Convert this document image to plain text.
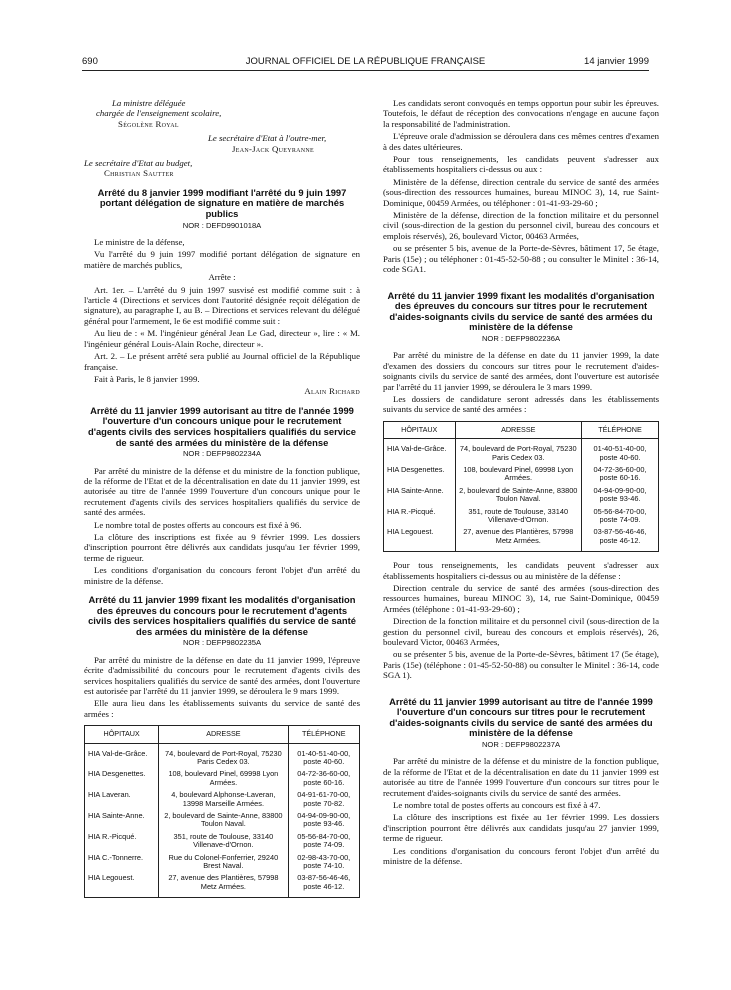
690	JOURNAL OFFICIEL DE LA RÉPUBLIQUE FRANÇAISE	14 janvier 1999

La ministre déléguée

chargée de l'enseignement scolaire,

Ségolène Royal

Le secrétaire d'Etat à l'outre-mer,

Jean-Jack Queyranne

Le secrétaire d'Etat au budget,

Christian Sautter

Arrêté du 8 janvier 1999 modifiant l'arrêté du 9 juin 1997 portant délégation de signature en matière de marchés publics
NOR : DEFD9901018A

Le ministre de la défense,

Vu l'arrêté du 9 juin 1997 modifié portant délégation de signature en matière de marchés publics,

Arrête :

Art. 1er. – L'arrêté du 9 juin 1997 susvisé est modifié comme suit : à l'article 4 (Directions et services dont l'autorité désignée reçoit délégation de signature), au paragraphe I, au B. – Directions et services relevant du délégué général pour l'armement, le 6e est modifié comme suit :

Au lieu de : « M. l'ingénieur général Jean Le Gad, directeur », lire : « M. l'ingénieur général Louis-Alain Roche, directeur ».

Art. 2. – Le présent arrêté sera publié au Journal officiel de la République française.

Fait à Paris, le 8 janvier 1999.

Alain Richard

Arrêté du 11 janvier 1999 autorisant au titre de l'année 1999 l'ouverture d'un concours unique pour le recrutement d'agents civils des services hospitaliers qualifiés du service de santé des armées du ministère de la défense
NOR : DEFP9802234A

Par arrêté du ministre de la défense et du ministre de la fonction publique, de la réforme de l'Etat et de la décentralisation en date du 11 janvier 1999, est autorisée au titre de l'année 1999 l'ouverture d'un concours unique pour le recrutement d'agents civils des services hospitaliers qualifiés du service de santé des armées.

Le nombre total de postes offerts au concours est fixé à 96.

La clôture des inscriptions est fixée au 9 février 1999. Les dossiers d'inscription pourront être délivrés aux candidats jusqu'au 1er février 1999, terme de rigueur.

Les conditions d'organisation du concours feront l'objet d'un arrêté du ministre de la défense.

Arrêté du 11 janvier 1999 fixant les modalités d'organisation des épreuves du concours pour le recrutement d'agents civils des services hospitaliers qualifiés du service de santé des armées du ministère de la défense
NOR : DEFP9802235A

Par arrêté du ministre de la défense en date du 11 janvier 1999, l'épreuve écrite d'admissibilité du concours pour le recrutement d'agents civils des services hospitaliers qualifiés du service de santé des armées, dont l'ouverture est autorisée par l'arrêté du 11 janvier 1999, se déroulera le 9 mars 1999.

Elle aura lieu dans les établissements suivants du service de santé des armées :

HÔPITAUX	ADRESSE	TÉLÉPHONE
HIA Val-de-Grâce.	74, boulevard de Port-Royal, 75230 Paris Cedex 03.	01-40-51-40-00, poste 40-60.
HIA Desgenettes.	108, boulevard Pinel, 69998 Lyon Armées.	04-72-36-60-00, poste 60-16.
HIA Laveran.	4, boulevard Alphonse-Laveran, 13998 Marseille Armées.	04-91-61-70-00, poste 70-82.
HIA Sainte-Anne.	2, boulevard de Sainte-Anne, 83800 Toulon Naval.	04-94-09-90-00, poste 93-46.
HIA R.-Picqué.	351, route de Toulouse, 33140 Villenave-d'Ornon.	05-56-84-70-00, poste 74-09.
HIA C.-Tonnerre.	Rue du Colonel-Fonferrier, 29240 Brest Naval.	02-98-43-70-00, poste 74-10.
HIA Legouest.	27, avenue des Plantières, 57998 Metz Armées.	03-87-56-46-46, poste 46-12.

Les candidats seront convoqués en temps opportun pour subir les épreuves. Toutefois, le défaut de réception des convocations n'engage en aucune façon la responsabilité de l'administration.

L'épreuve orale d'admission se déroulera dans ces mêmes centres d'examen à des dates ultérieures.

Pour tous renseignements, les candidats peuvent s'adresser aux établissements hospitaliers ci-dessus ou aux :

Ministère de la défense, direction centrale du service de santé des armées (sous-direction des ressources humaines, bureau MINOC 3), 14, rue Saint-Dominique, 00459 Armées, ou téléphoner : 01-41-93-29-60 ;

Ministère de la défense, direction de la fonction militaire et du personnel civil (sous-direction de la gestion du personnel civil, bureau des concours et emplois réservés), 26, boulevard Victor, 00463 Armées,

ou se présenter 5 bis, avenue de la Porte-de-Sèvres, bâtiment 17, 5e étage, Paris (15e) ; ou téléphoner : 01-45-52-50-88 ; ou consulter le Minitel : 36-14, code SGA1.

Arrêté du 11 janvier 1999 fixant les modalités d'organisation des épreuves du concours sur titres pour le recrutement d'aides-soignants civils du service de santé des armées du ministère de la défense
NOR : DEFP9802236A

Par arrêté du ministre de la défense en date du 11 janvier 1999, la date d'examen des dossiers du concours sur titres pour le recrutement d'aides-soignants civils du service de santé des armées, dont l'ouverture est autorisée par l'arrêté du 11 janvier 1999, se déroulera le 3 mars 1999.

Les dossiers de candidature seront adressés dans les établissements suivants du service de santé des armées :

HÔPITAUX	ADRESSE	TÉLÉPHONE
HIA Val-de-Grâce.	74, boulevard de Port-Royal, 75230 Paris Cedex 03.	01-40-51-40-00, poste 40-60.
HIA Desgenettes.	108, boulevard Pinel, 69998 Lyon Armées.	04-72-36-60-00, poste 60-16.
HIA Sainte-Anne.	2, boulevard de Sainte-Anne, 83800 Toulon Naval.	04-94-09-90-00, poste 93-46.
HIA R.-Picqué.	351, route de Toulouse, 33140 Villenave-d'Ornon.	05-56-84-70-00, poste 74-09.
HIA Legouest.	27, avenue des Plantières, 57998 Metz Armées.	03-87-56-46-46, poste 46-12.

Pour tous renseignements, les candidats peuvent s'adresser aux établissements hospitaliers ci-dessus ou au ministère de la défense :

Direction centrale du service de santé des armées (sous-direction des ressources humaines, bureau MINOC 3), 14, rue Saint-Dominique, 00459 Armées (téléphone : 01-41-93-29-60) ;

Direction de la fonction militaire et du personnel civil (sous-direction de la gestion du personnel civil, bureau des concours et emplois réservés), 26, boulevard Victor, 00463 Armées,

ou se présenter 5 bis, avenue de la Porte-de-Sèvres, bâtiment 17 (5e étage), Paris (15e) (téléphone : 01-45-52-50-88) ou consulter le Minitel : 36-14, code SGA 1).

Arrêté du 11 janvier 1999 autorisant au titre de l'année 1999 l'ouverture d'un concours sur titres pour le recrutement d'aides-soignants civils du service de santé des armées du ministère de la défense
NOR : DEFP9802237A

Par arrêté du ministre de la défense et du ministre de la fonction publique, de la réforme de l'Etat et de la décentralisation en date du 11 janvier 1999 est autorisée au titre de l'année 1999 l'ouverture d'un concours sur titres pour le recrutement d'aides-soignants civils du service de santé des armées.

Le nombre total de postes offerts au concours est fixé à 47.

La clôture des inscriptions est fixée au 1er février 1999. Les dossiers d'inscription pourront être délivrés aux candidats jusqu'au 27 janvier 1999, terme de rigueur.

Les conditions d'organisation du concours feront l'objet d'un arrêté du ministre de la défense.
